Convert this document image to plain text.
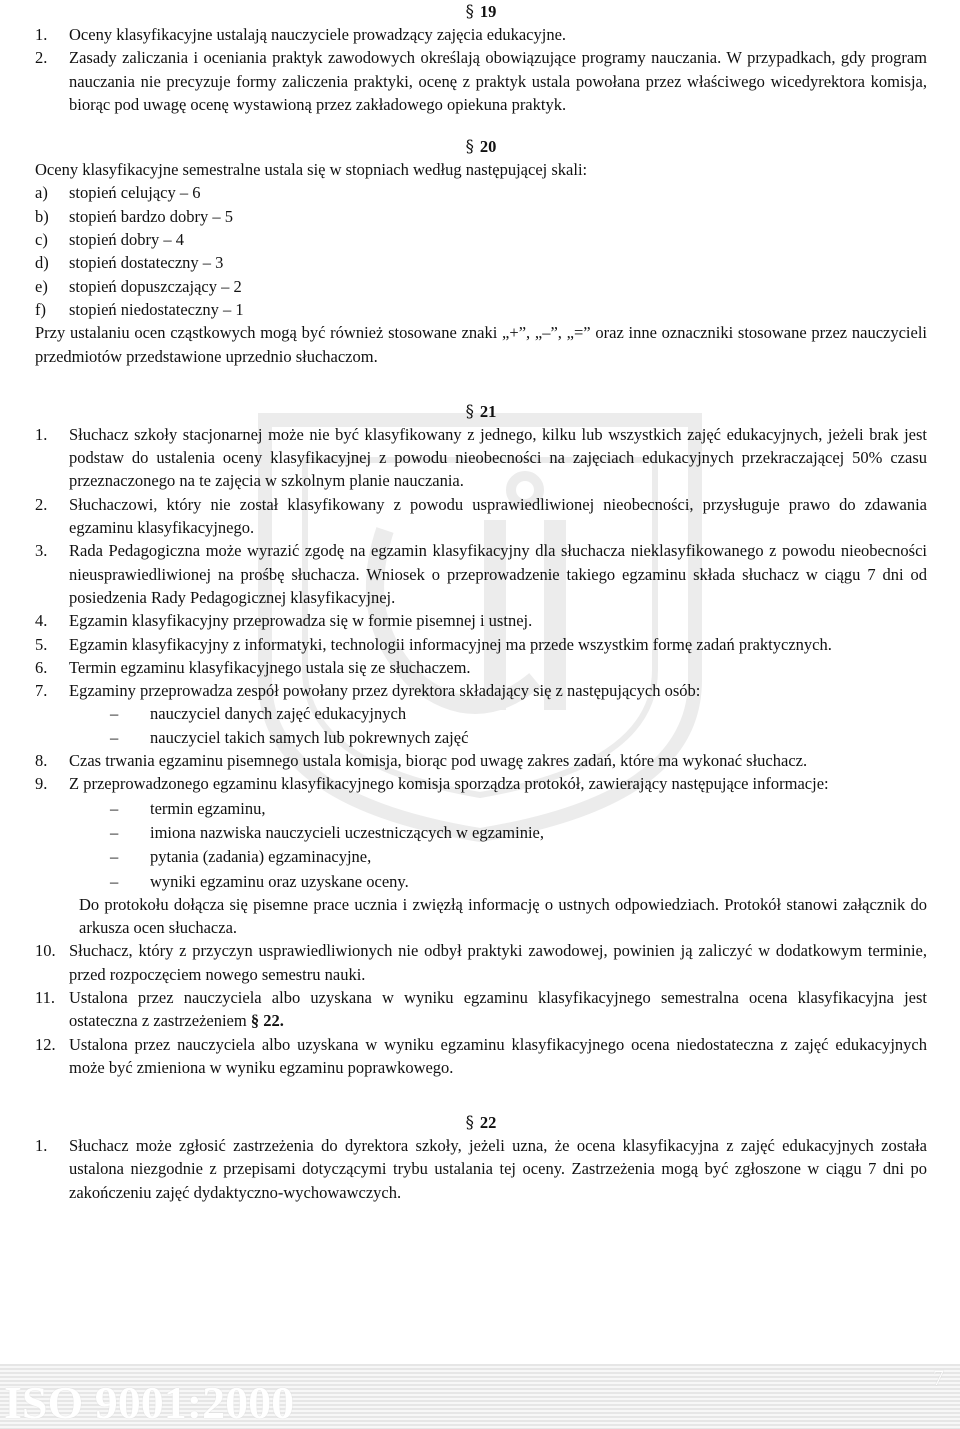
§ 19
1.	Oceny klasyfikacyjne ustalają nauczyciele prowadzący zajęcia edukacyjne.
2.	Zasady zaliczania i oceniania praktyk zawodowych określają obowiązujące programy nauczania. W przypadkach, gdy program nauczania nie precyzuje formy zaliczenia praktyki, ocenę z praktyk ustala powołana przez właściwego wicedyrektora komisja, biorąc pod uwagę ocenę wystawioną przez zakładowego opiekuna praktyk.
§ 20
Oceny klasyfikacyjne semestralne ustala się w stopniach według następującej skali:
a)	stopień celujący – 6
b)	stopień bardzo dobry – 5
c)	stopień dobry – 4
d)	stopień dostateczny – 3
e)	stopień dopuszczający – 2
f)	stopień niedostateczny – 1
Przy ustalaniu ocen cząstkowych mogą być również stosowane znaki „+”, „–”, „=” oraz inne oznaczniki stosowane przez nauczycieli przedmiotów przedstawione uprzednio słuchaczom.
§ 21
1.	Słuchacz szkoły stacjonarnej może nie być klasyfikowany z jednego, kilku lub wszystkich zajęć edukacyjnych, jeżeli brak jest podstaw do ustalenia oceny klasyfikacyjnej z powodu nieobecności na zajęciach edukacyjnych przekraczającej 50% czasu przeznaczonego na te zajęcia w szkolnym planie nauczania.
2.	Słuchaczowi, który nie został klasyfikowany z powodu usprawiedliwionej nieobecności, przysługuje prawo do zdawania egzaminu klasyfikacyjnego.
3.	Rada Pedagogiczna może wyrazić zgodę na egzamin klasyfikacyjny dla słuchacza nieklasyfikowanego z powodu nieobecności nieusprawiedliwionej na prośbę słuchacza. Wniosek o przeprowadzenie takiego egzaminu składa słuchacz w ciągu 7 dni od posiedzenia Rady Pedagogicznej klasyfikacyjnej.
4.	Egzamin klasyfikacyjny przeprowadza się w formie pisemnej i ustnej.
5.	Egzamin klasyfikacyjny z informatyki, technologii informacyjnej ma przede wszystkim formę zadań praktycznych.
6.	Termin egzaminu klasyfikacyjnego ustala się ze słuchaczem.
7.	Egzaminy przeprowadza zespół powołany przez dyrektora składający się z następujących osób:
–	nauczyciel danych zajęć edukacyjnych
–	nauczyciel takich samych lub pokrewnych zajęć
8.	Czas trwania egzaminu pisemnego ustala komisja, biorąc pod uwagę zakres zadań, które ma wykonać słuchacz.
9.	Z przeprowadzonego egzaminu klasyfikacyjnego komisja sporządza protokół, zawierający następujące informacje:
–	termin egzaminu,
–	imiona nazwiska nauczycieli uczestniczących w egzaminie,
–	pytania (zadania) egzaminacyjne,
–	wyniki egzaminu oraz uzyskane oceny.
Do protokołu dołącza się pisemne prace ucznia i zwięzłą informację o ustnych odpowiedziach. Protokół stanowi załącznik do arkusza ocen słuchacza.
10. Słuchacz, który z przyczyn usprawiedliwionych nie odbył praktyki zawodowej, powinien ją zaliczyć w dodatkowym terminie, przed rozpoczęciem nowego semestru nauki.
11. Ustalona przez nauczyciela albo uzyskana w wyniku egzaminu klasyfikacyjnego semestralna ocena klasyfikacyjna jest ostateczna z zastrzeżeniem § 22.
12. Ustalona przez nauczyciela albo uzyskana w wyniku egzaminu klasyfikacyjnego ocena niedostateczna z zajęć edukacyjnych może być zmieniona w wyniku egzaminu poprawkowego.
§ 22
1.	Słuchacz może zgłosić zastrzeżenia do dyrektora szkoły, jeżeli uzna, że ocena klasyfikacyjna z zajęć edukacyjnych została ustalona niezgodnie z przepisami dotyczącymi trybu ustalania tej oceny. Zastrzeżenia mogą być zgłoszone w ciągu 7 dni po zakończeniu zajęć dydaktyczno-wychowawczych.
ISO 9001:2000	7
